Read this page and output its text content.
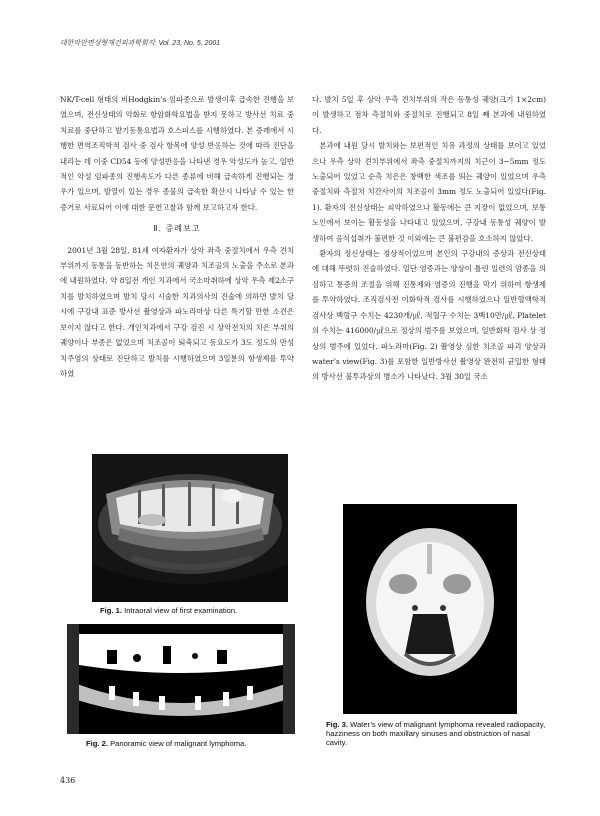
대한악안면성형재건외과학회지: Vol. 23, No. 5, 2001

NK/T-cell 형태의 비Hodgkin’s 임파종으로 발생이후 급속한 진행을 보였으며, 전신상태의 악화로 항암화학요법을 받지 못하고 방사선 치료 중 치료를 중단하고 발기동통요법과 호스피스를 시행하였다. 본 증례에서 시행한 면역조직학적 검사 중 검사 항목에 양성 반응하는 것에 따라 진단을 내리는 데 이중 CD54 등에 양성반응을 나타낸 경우 악성도가 높고, 일반적인 악성 임파종의 진행속도가 다른 종류에 비해 급속하게 진행되는 경우가 있으며, 발열이 있는 경우 종물의 급속한 확산시 나타날 수 있는 한 증거로 사료되어 이에 대한 문헌고찰과 함께 보고하고자 한다.

Ⅱ. 증례보고

2001년 3월 28일, 81세 여자환자가 상악 좌측 중절치에서 우측 견치 부위까지 동통을 동반하는 치은연의 궤양과 치조골의 노출을 주소로 본과에 내원하였다. 약 8일전 개인 치과에서 국소마취하에 상악 우측 제2소구치를 발치하였으며 발치 당시 시술한 치과의사의 진술에 의하면 발치 당시에 구강내 표준 방사선 촬영상과 파노라마상 다른 특기할 만한 소견은 보이지 않다고 한다. 개인치과에서 구강 검진 시 상악전치의 치은 부위의 궤양이나 부종은 없었으며 치조골이 퇴축되고 동요도가 3도 정도의 만성 치주염의 상태로 진단하고 발치를 시행하였으며 3일분의 항생제를 투약하였

다. 발치 5일 후 상악 우측 견치부위의 작은 동통성 궤양(크기 1×2cm)이 발생하고 점차 측절치와 중절치로 진행되고 8일 째 본과에 내원하였다.

본과에 내원 당시 발치와는 보편적인 치유 과정의 상태를 보이고 있었으나 우측 상악 견치부위에서 좌측 중절치까지의 치근이 3~5mm 정도 노출되어 있었고 순측 치은은 창백한 색조를 띄는 궤양이 있었으며 우측 중절치와 측절치 치간사이의 치조골이 3mm 정도 노출되어 있었다(Fig. 1). 환자의 전신상태는 쇠약하였으나 활동에는 큰 지장이 없었으며, 보통 노인에서 보이는 활동성을 나타내고 있었으며, 구강내 동통성 궤양이 발생하여 음식섭취가 불편한 것 이외에는 큰 불편감을 호소하지 않았다.

환자의 정신상태는 정상적이었으며 본인의 구강내의 증상과 전신상태에 대해 뚜렷히 진술하였다. 일단 염증과는 양상이 틀린 일련의 암종을 의심하고 통증의 조절을 위해 진통제와 염증의 진행을 막기 위하여 항생제를 투약하였다. 조직검사전 이화학적 검사를 시행하였으나 일반혈액학적 검사상 백혈구 수치는 4230개/㎕, 적혈구 수치는 3백10만/㎕, Platelet의 수치는 416000/㎕으로 정상의 범주를 보였으며, 일반화학 검사 상 정상의 범주에 있었다. 파노라마(Fig. 2) 촬영상 심한 치조골 파괴 양상과 water’s view(Fig. 3)를 포함한 일반방사선 촬영상 완전히 균일한 형태의 방사선 불투과상의 병소가 나타났다. 3월 30일 국소

Fig. 1. Intraoral view of first examination.
Fig. 2. Panoramic view of malignant lymphoma.
Fig. 3. Water’s view of malignant lymphoma revealed radiopacity, hazziness on both maxillary sinuses and obstruction of nasal cavity.
436
